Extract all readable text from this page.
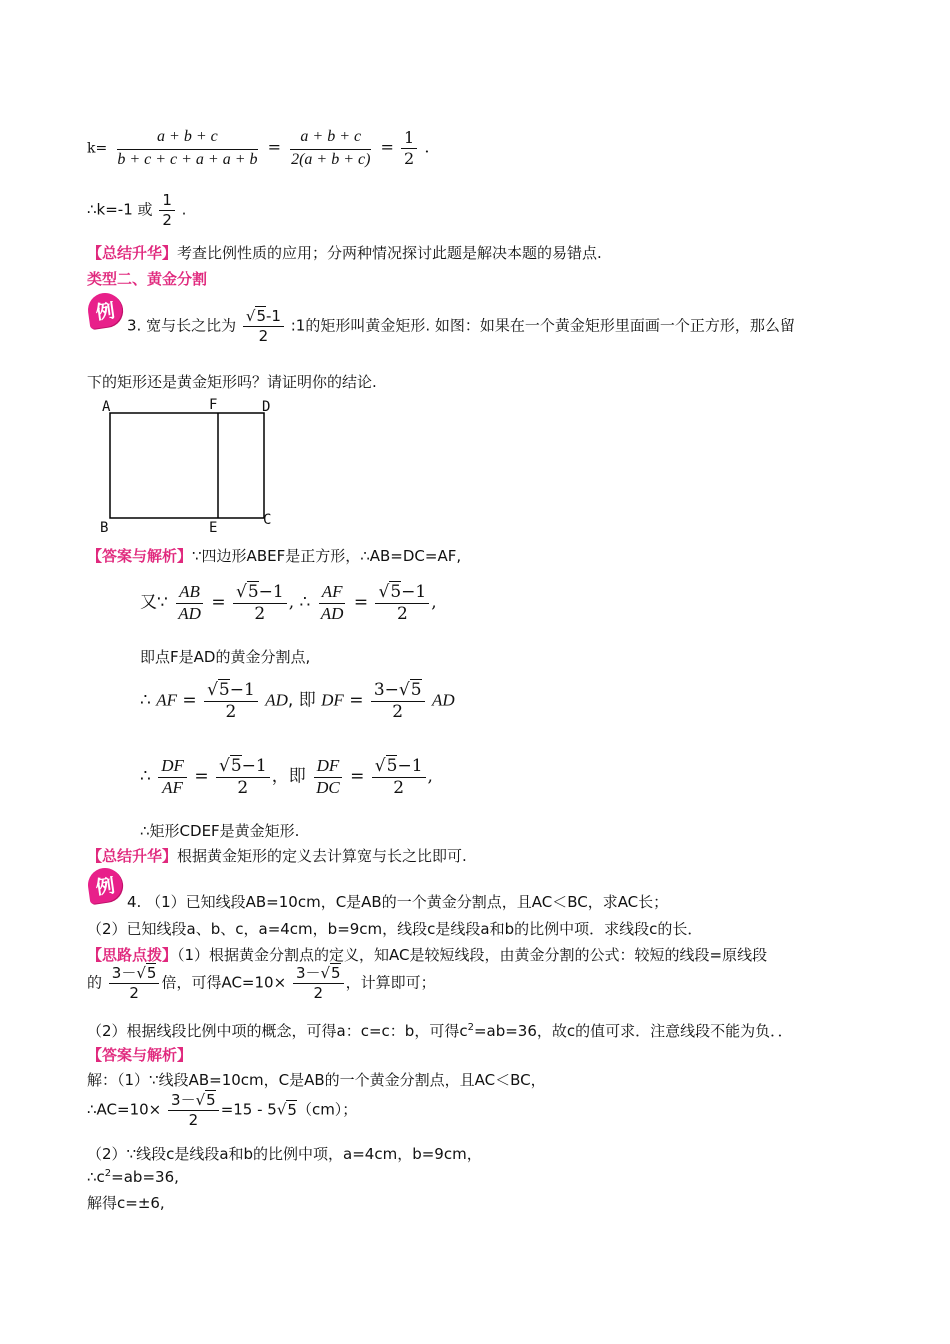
$k= \frac{a + b + c}{b + c + c + a + a + b} = \frac{a + b + c}{2(a + b + c)} = \frac{1}{2}$ .
∴k=-1 或 $\frac{1}{2}$ .
【总结升华】考查比例性质的应用；分两种情况探讨此题是解决本题的易错点.
类型二、黄金分割
例
3. 宽与长之比为 $\frac{√5-1}{2}$ :1的矩形叫黄金矩形. 如图：如果在一个黄金矩形里面画一个正方形，那么留
下的矩形还是黄金矩形吗？请证明你的结论.
A	F	D
B	E	C
【答案与解析】∵四边形ABEF是正方形，∴AB=DC=AF,
又∵ $\frac{AB}{AD} = \frac{√5-1}{2}$ , ∴ $\frac{AF}{AD} = \frac{√5-1}{2}$ ,
即点F是AD的黄金分割点,
∴ AF = $\frac{√5-1}{2}$ AD, 即 DF = $\frac{3-√5}{2}$ AD
∴ $\frac{DF}{AF} = \frac{√5-1}{2}$ ，即 $\frac{DF}{DC} = \frac{√5-1}{2}$ ,
∴矩形CDEF是黄金矩形.
【总结升华】根据黄金矩形的定义去计算宽与长之比即可.
例
4. （1）已知线段AB=10cm，C是AB的一个黄金分割点，且AC＜BC，求AC长；
（2）已知线段a、b、c，a=4cm，b=9cm，线段c是线段a和b的比例中项．求线段c的长．
【思路点拨】（1）根据黄金分割点的定义，知AC是较短线段，由黄金分割的公式：较短的线段=原线段
的 $\frac{3-√5}{2}$ 倍，可得$AC=10\times \frac{3-√5}{2}$ ，计算即可；
（2）根据线段比例中项的概念，可得a：c=c：b，可得$c^2=ab=36$，故c的值可求．注意线段不能为负．．
【答案与解析】
解：（1）∵线段AB=10cm，C是AB的一个黄金分割点，且AC＜BC，
∴AC=10× $\frac{3-√5}{2} =15 - 5√5(cm)$；
（2）∵线段c是线段a和b的比例中项，a=4cm，b=9cm，
$\therefore c^2=ab=36$,
解得c=±6,
